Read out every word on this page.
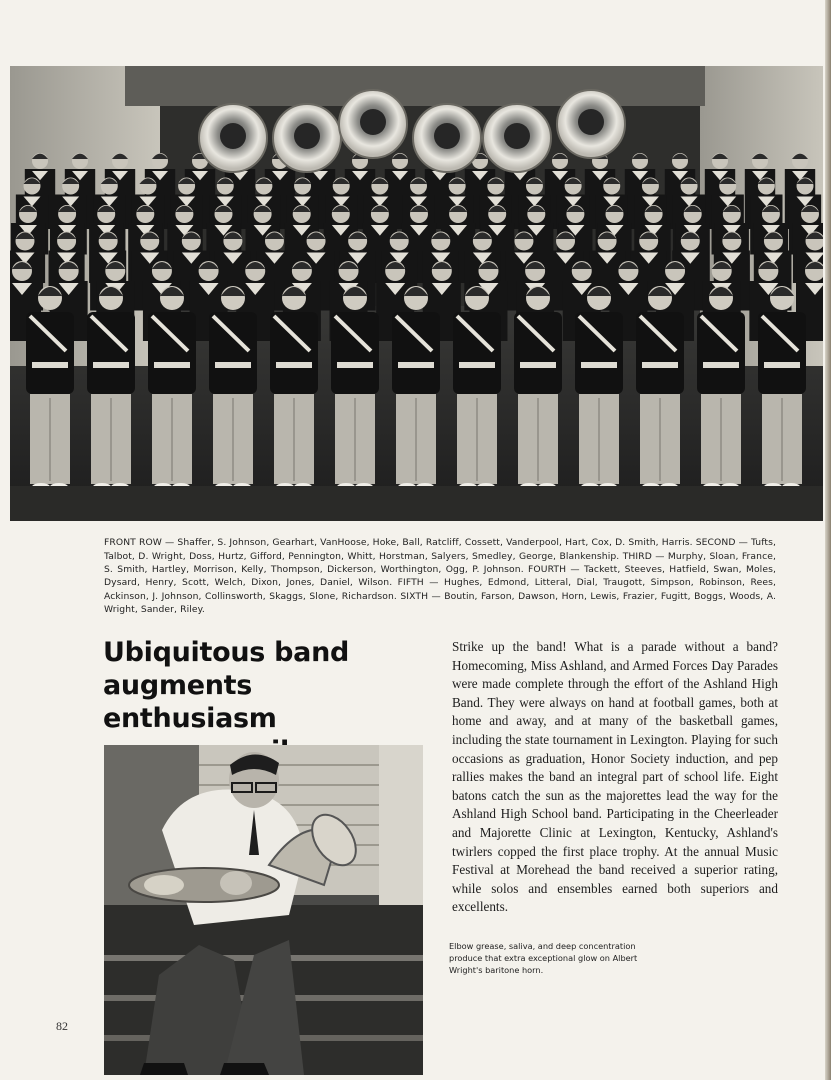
FRONT ROW — Shaffer, S. Johnson, Gearhart, VanHoose, Hoke, Ball, Ratcliff, Cossett, Vanderpool, Hart, Cox, D. Smith, Harris. SECOND — Tufts, Talbot, D. Wright, Doss, Hurtz, Gifford, Pennington, Whitt, Horstman, Salyers, Smedley, George, Blankenship. THIRD — Murphy, Sloan, France, S. Smith, Hartley, Morrison, Kelly, Thompson, Dickerson, Worthington, Ogg, P. Johnson. FOURTH — Tackett, Steeves, Hatfield, Swan, Moles, Dysard, Henry, Scott, Welch, Dixon, Jones, Daniel, Wilson. FIFTH — Hughes, Edmond, Litteral, Dial, Traugott, Simpson, Robinson, Rees, Ackinson, J. Johnson, Collinsworth, Skaggs, Slone, Richardson. SIXTH — Boutin, Farson, Dawson, Horn, Lewis, Frazier, Fugitt, Boggs, Woods, A. Wright, Sander, Riley.

Ubiquitous band
augments enthusiasm

Strike up the band! What is a parade without a band? Homecoming, Miss Ashland, and Armed Forces Day Parades were made complete through the effort of the Ashland High Band. They were always on hand at football games, both at home and away, and at many of the basketball games, including the state tournament in Lexington. Playing for such occasions as graduation, Honor Society induction, and pep rallies makes the band an integral part of school life. Eight batons catch the sun as the majorettes lead the way for the Ashland High School band. Participating in the Cheerleader and Majorette Clinic at Lexington, Kentucky, Ashland's twirlers copped the first place trophy. At the annual Music Festival at Morehead the band received a superior rating, while solos and ensembles earned both superiors and excellents.

Elbow grease, saliva, and deep concentration produce that extra exceptional glow on Albert Wright's baritone horn.

82
